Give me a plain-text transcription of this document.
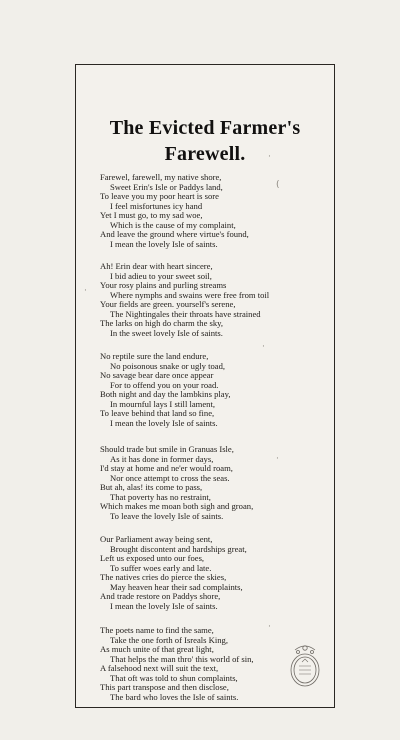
The Evicted Farmer's
Farewell.
Farewel, farewell, my native shore,
Sweet Erin's Isle or Paddys land,
To leave you my poor heart is sore
I feel misfortunes icy hand
Yet I must go, to my sad woe,
Which is the cause of my complaint,
And leave the ground where virtue's found,
I mean the lovely Isle of saints.
Ah! Erin dear with heart sincere,
I bid adieu to your sweet soil,
Your rosy plains and purling streams
Where nymphs and swains were free from toil
Your fields are green. yourself's serene,
The Nightingales their throats have strained
The larks on high do charm the sky,
In the sweet lovely Isle of saints.
No reptile sure the land endure,
No poisonous snake or ugly toad,
No savage bear dare once appear
For to offend you on your road.
Both night and day the lambkins play,
In mournful lays I still lament,
To leave behind that land so fine,
I mean the lovely Isle of saints.
Should trade but smile in Granuas Isle,
As it has done in former days,
I'd stay at home and ne'er would roam,
Nor once attempt to cross the seas.
But ah, alas! its come to pass,
That poverty has no restraint,
Which makes me moan both sigh and groan,
To leave the lovely Isle of saints.
Our Parliament away being sent,
Brought discontent and hardships great,
Left us exposed unto our foes,
To suffer woes early and late.
The natives cries do pierce the skies,
May heaven hear their sad complaints,
And trade restore on Paddys shore,
I mean the lovely Isle of saints.
The poets name to find the same,
Take the one forth of Isreals King,
As much unite of that great light,
That helps the man thro' this world of sin,
A falsehood next will suit the text,
That oft was told to shun complaints,
This part transpose and then disclose,
The bard who loves the Isle of saints.
·
(
·
·
·
·
